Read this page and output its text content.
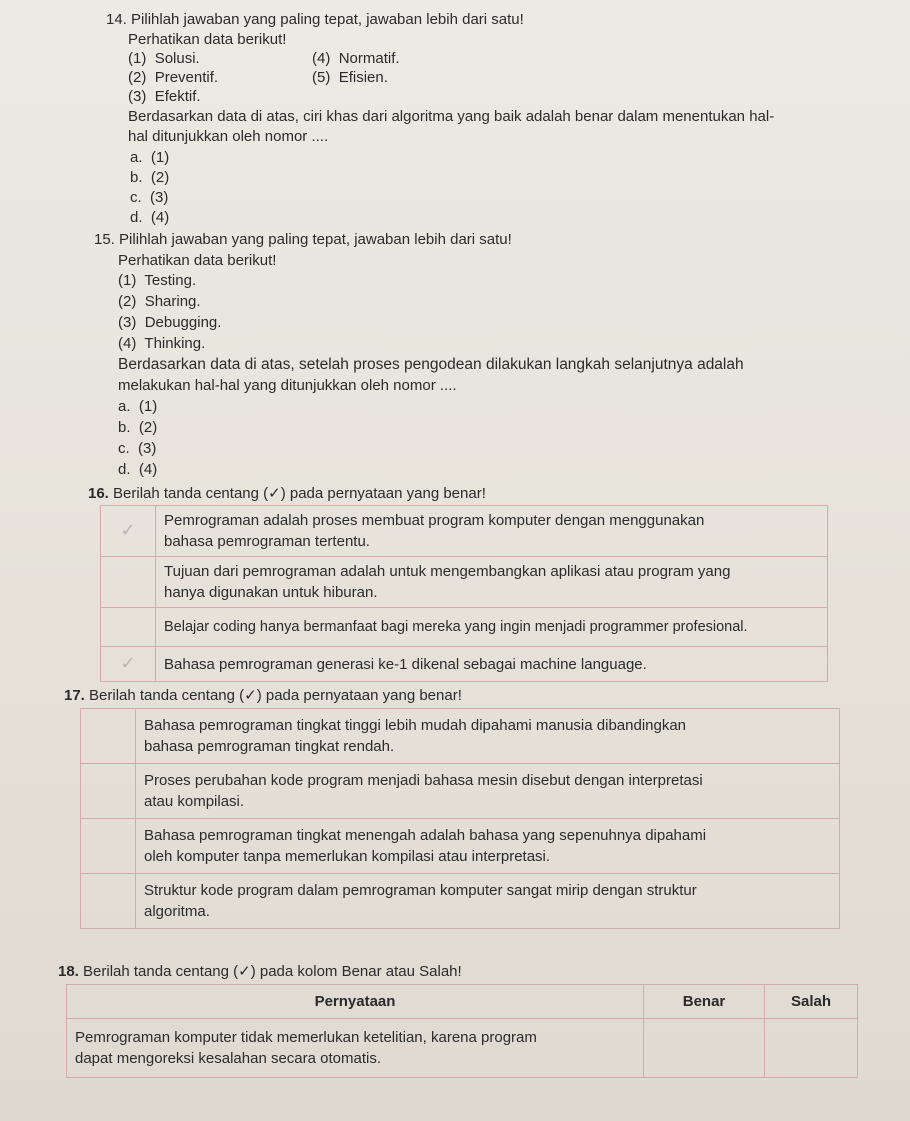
14. Pilihlah jawaban yang paling tepat, jawaban lebih dari satu!
Perhatikan data berikut!
(1) Solusi.
(2) Preventif.
(3) Efektif.
(4) Normatif.
(5) Efisien.
Berdasarkan data di atas, ciri khas dari algoritma yang baik adalah benar dalam menentukan hal-
hal ditunjukkan oleh nomor ....
a. (1)
b. (2)
c. (3)
d. (4)
15. Pilihlah jawaban yang paling tepat, jawaban lebih dari satu!
Perhatikan data berikut!
(1) Testing.
(2) Sharing.
(3) Debugging.
(4) Thinking.
Berdasarkan data di atas, setelah proses pengodean dilakukan langkah selanjutnya adalah
melakukan hal-hal yang ditunjukkan oleh nomor ....
a. (1)
b. (2)
c. (3)
d. (4)
16. Berilah tanda centang (✓) pada pernyataan yang benar!
✓	Pemrograman adalah proses membuat program komputer dengan menggunakan
bahasa pemrograman tertentu.

	Tujuan dari pemrograman adalah untuk mengembangkan aplikasi atau program yang
hanya digunakan untuk hiburan.

	Belajar coding hanya bermanfaat bagi mereka yang ingin menjadi programmer profesional.

✓	Bahasa pemrograman generasi ke-1 dikenal sebagai machine language.
17. Berilah tanda centang (✓) pada pernyataan yang benar!

	Bahasa pemrograman tingkat tinggi lebih mudah dipahami manusia dibandingkan
bahasa pemrograman tingkat rendah.

	Proses perubahan kode program menjadi bahasa mesin disebut dengan interpretasi
atau kompilasi.

	Bahasa pemrograman tingkat menengah adalah bahasa yang sepenuhnya dipahami
oleh komputer tanpa memerlukan kompilasi atau interpretasi.

	Struktur kode program dalam pemrograman komputer sangat mirip dengan struktur
algoritma.
18. Berilah tanda centang (✓) pada kolom Benar atau Salah!
Pernyataan	Benar	Salah

Pemrograman komputer tidak memerlukan ketelitian, karena program
dapat mengoreksi kesalahan secara otomatis.		
